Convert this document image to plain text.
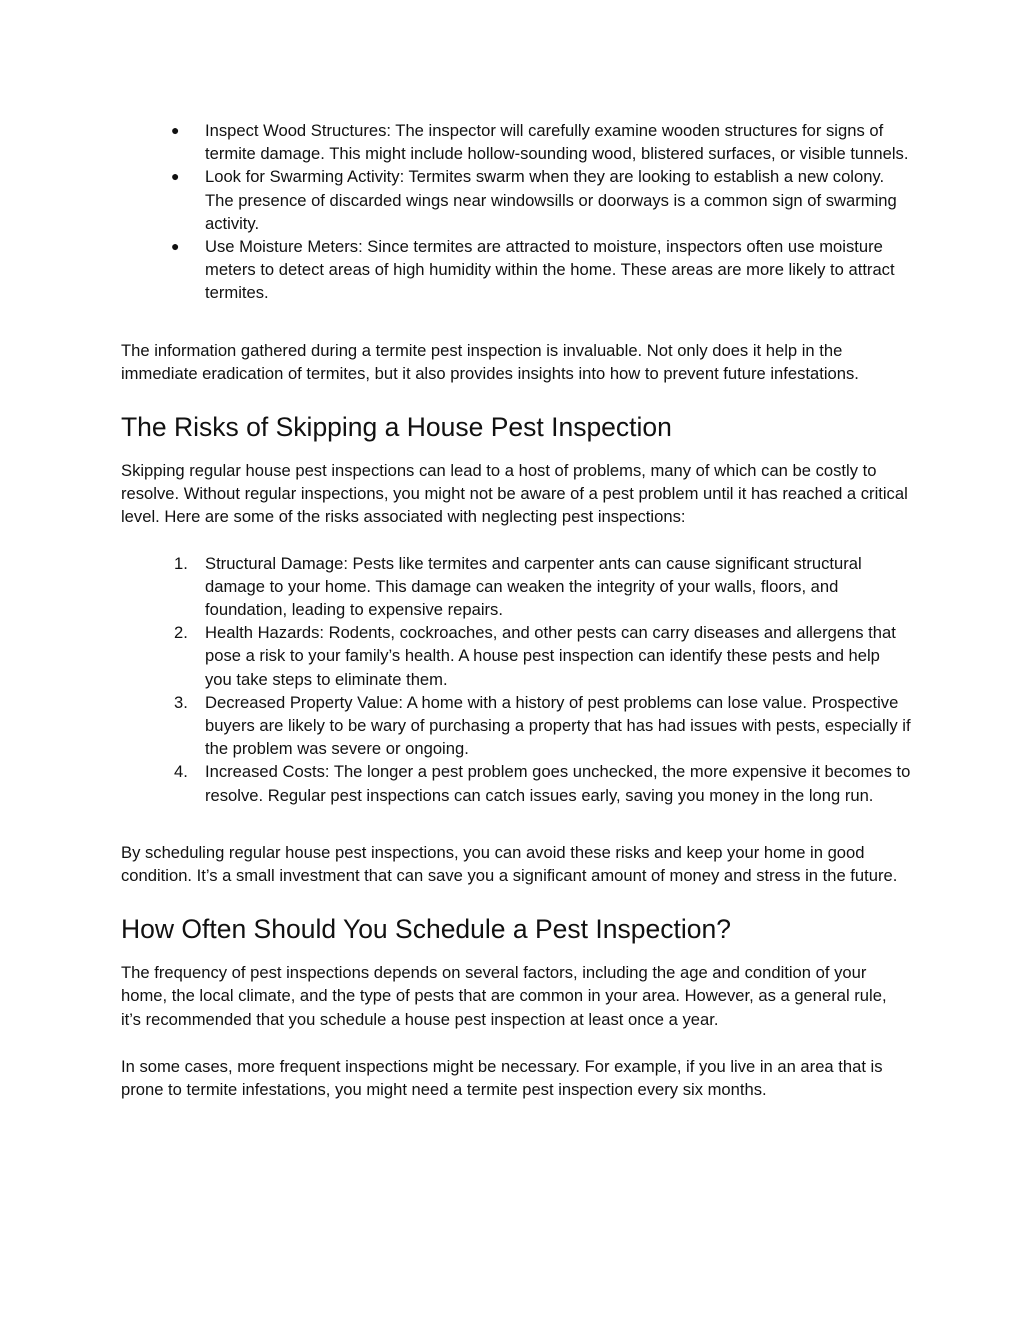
●	Inspect Wood Structures: The inspector will carefully examine wooden structures for signs of termite damage. This might include hollow-sounding wood, blistered surfaces, or visible tunnels.
●	Look for Swarming Activity: Termites swarm when they are looking to establish a new colony. The presence of discarded wings near windowsills or doorways is a common sign of swarming activity.
●	Use Moisture Meters: Since termites are attracted to moisture, inspectors often use moisture meters to detect areas of high humidity within the home. These areas are more likely to attract termites.

The information gathered during a termite pest inspection is invaluable. Not only does it help in the immediate eradication of termites, but it also provides insights into how to prevent future infestations.

The Risks of Skipping a House Pest Inspection

Skipping regular house pest inspections can lead to a host of problems, many of which can be costly to resolve. Without regular inspections, you might not be aware of a pest problem until it has reached a critical level. Here are some of the risks associated with neglecting pest inspections:

1.	Structural Damage: Pests like termites and carpenter ants can cause significant structural damage to your home. This damage can weaken the integrity of your walls, floors, and foundation, leading to expensive repairs.
2.	Health Hazards: Rodents, cockroaches, and other pests can carry diseases and allergens that pose a risk to your family’s health. A house pest inspection can identify these pests and help you take steps to eliminate them.
3.	Decreased Property Value: A home with a history of pest problems can lose value. Prospective buyers are likely to be wary of purchasing a property that has had issues with pests, especially if the problem was severe or ongoing.
4.	Increased Costs: The longer a pest problem goes unchecked, the more expensive it becomes to resolve. Regular pest inspections can catch issues early, saving you money in the long run.

By scheduling regular house pest inspections, you can avoid these risks and keep your home in good condition. It’s a small investment that can save you a significant amount of money and stress in the future.

How Often Should You Schedule a Pest Inspection?

The frequency of pest inspections depends on several factors, including the age and condition of your home, the local climate, and the type of pests that are common in your area. However, as a general rule, it’s recommended that you schedule a house pest inspection at least once a year.

In some cases, more frequent inspections might be necessary. For example, if you live in an area that is prone to termite infestations, you might need a termite pest inspection every six months.
